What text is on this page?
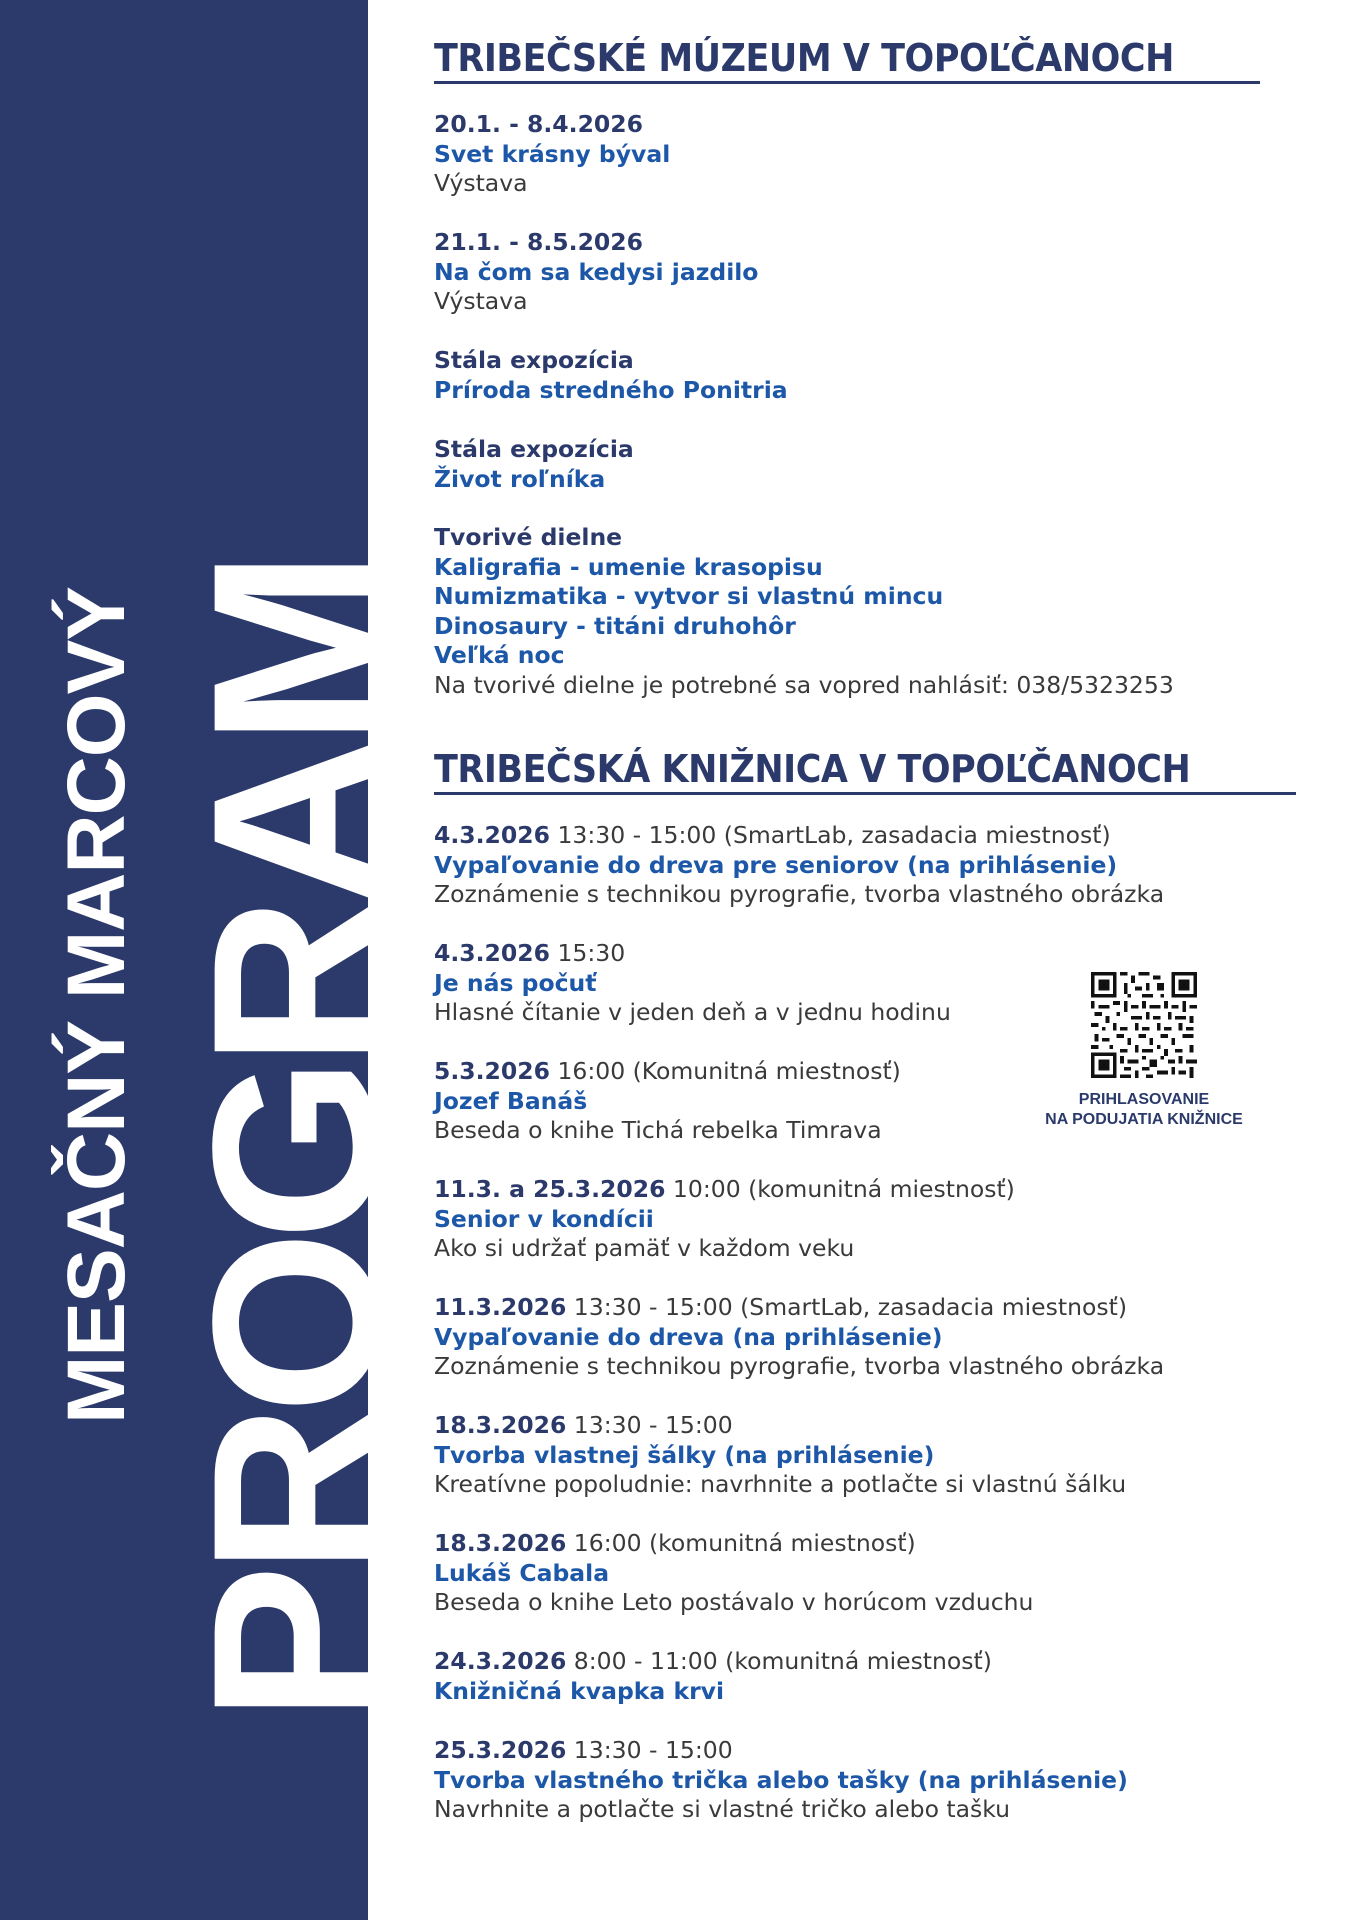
PROGRAM
MESAČNÝ MARCOVÝ
TRIBEČSKÉ MÚZEUM V TOPOĽČANOCH
20.1. - 8.4.2026
Svet krásny býval
Výstava
21.1. - 8.5.2026
Na čom sa kedysi jazdilo
Výstava
Stála expozícia
Príroda stredného Ponitria
Stála expozícia
Život roľníka
Tvorivé dielne
Kaligrafia - umenie krasopisu
Numizmatika - vytvor si vlastnú mincu
Dinosaury - titáni druhohôr
Veľká noc
Na tvorivé dielne je potrebné sa vopred nahlásiť: 038/5323253
TRIBEČSKÁ KNIŽNICA V TOPOĽČANOCH
4.3.2026 13:30 - 15:00 (SmartLab, zasadacia miestnosť)
Vypaľovanie do dreva pre seniorov (na prihlásenie)
Zoznámenie s technikou pyrografie, tvorba vlastného obrázka
4.3.2026 15:30
Je nás počuť
Hlasné čítanie v jeden deň a v jednu hodinu
5.3.2026 16:00 (Komunitná miestnosť)
Jozef Banáš
Beseda o knihe Tichá rebelka Timrava
11.3. a 25.3.2026 10:00 (komunitná miestnosť)
Senior v kondícii
Ako si udržať pamäť v každom veku
11.3.2026 13:30 - 15:00 (SmartLab, zasadacia miestnosť)
Vypaľovanie do dreva (na prihlásenie)
Zoznámenie s technikou pyrografie, tvorba vlastného obrázka
18.3.2026 13:30 - 15:00
Tvorba vlastnej šálky (na prihlásenie)
Kreatívne popoludnie: navrhnite a potlačte si vlastnú šálku
18.3.2026 16:00 (komunitná miestnosť)
Lukáš Cabala
Beseda o knihe Leto postávalo v horúcom vzduchu
24.3.2026 8:00 - 11:00 (komunitná miestnosť)
Knižničná kvapka krvi
25.3.2026 13:30 - 15:00
Tvorba vlastného trička alebo tašky (na prihlásenie)
Navrhnite a potlačte si vlastné tričko alebo tašku
PRIHLASOVANIE
NA PODUJATIA KNIŽNICE
